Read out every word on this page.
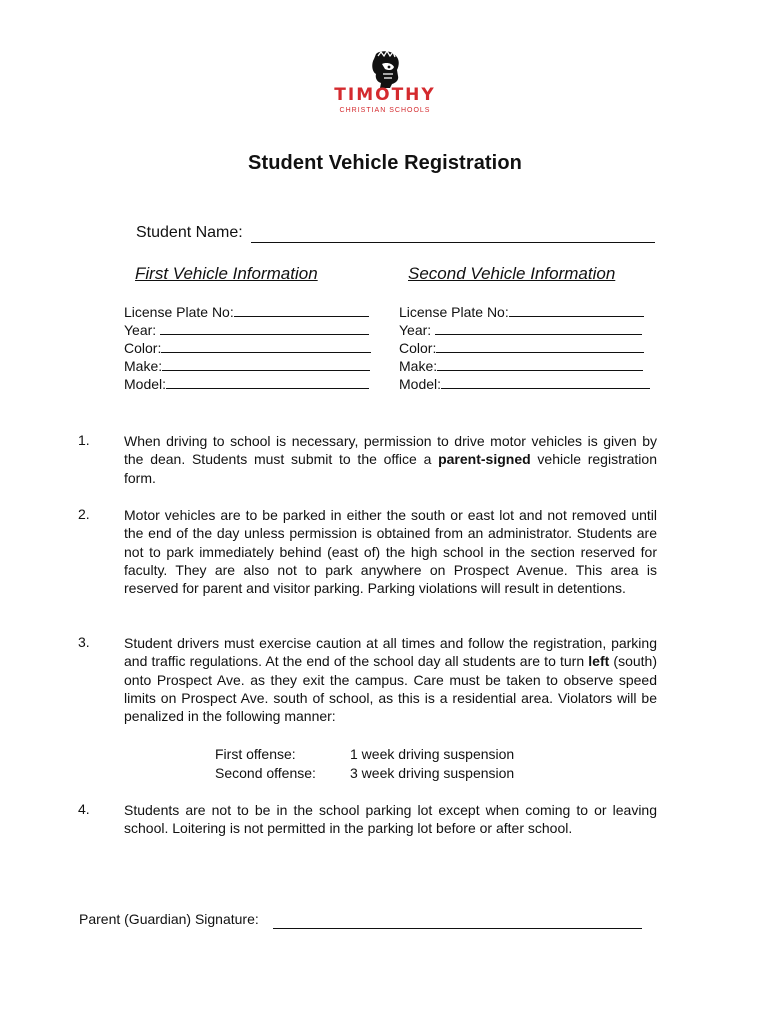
TIMOTHY
CHRISTIAN SCHOOLS
Student Vehicle Registration
Student Name:
First Vehicle Information	Second Vehicle Information
License Plate No:
Year:
Color:
Make:
Model:
License Plate No:
Year:
Color:
Make:
Model:
1. When driving to school is necessary, permission to drive motor vehicles is given by the dean. Students must submit to the office a parent-signed vehicle registration form.
2. Motor vehicles are to be parked in either the south or east lot and not removed until the end of the day unless permission is obtained from an administrator. Students are not to park immediately behind (east of) the high school in the section reserved for faculty. They are also not to park anywhere on Prospect Avenue. This area is reserved for parent and visitor parking. Parking violations will result in detentions.
3. Student drivers must exercise caution at all times and follow the registration, parking and traffic regulations. At the end of the school day all students are to turn left (south) onto Prospect Ave. as they exit the campus. Care must be taken to observe speed limits on Prospect Ave. south of school, as this is a residential area. Violators will be penalized in the following manner:
First offense:	1 week driving suspension
Second offense: 3 week driving suspension
4. Students are not to be in the school parking lot except when coming to or leaving school. Loitering is not permitted in the parking lot before or after school.
Parent (Guardian) Signature:
